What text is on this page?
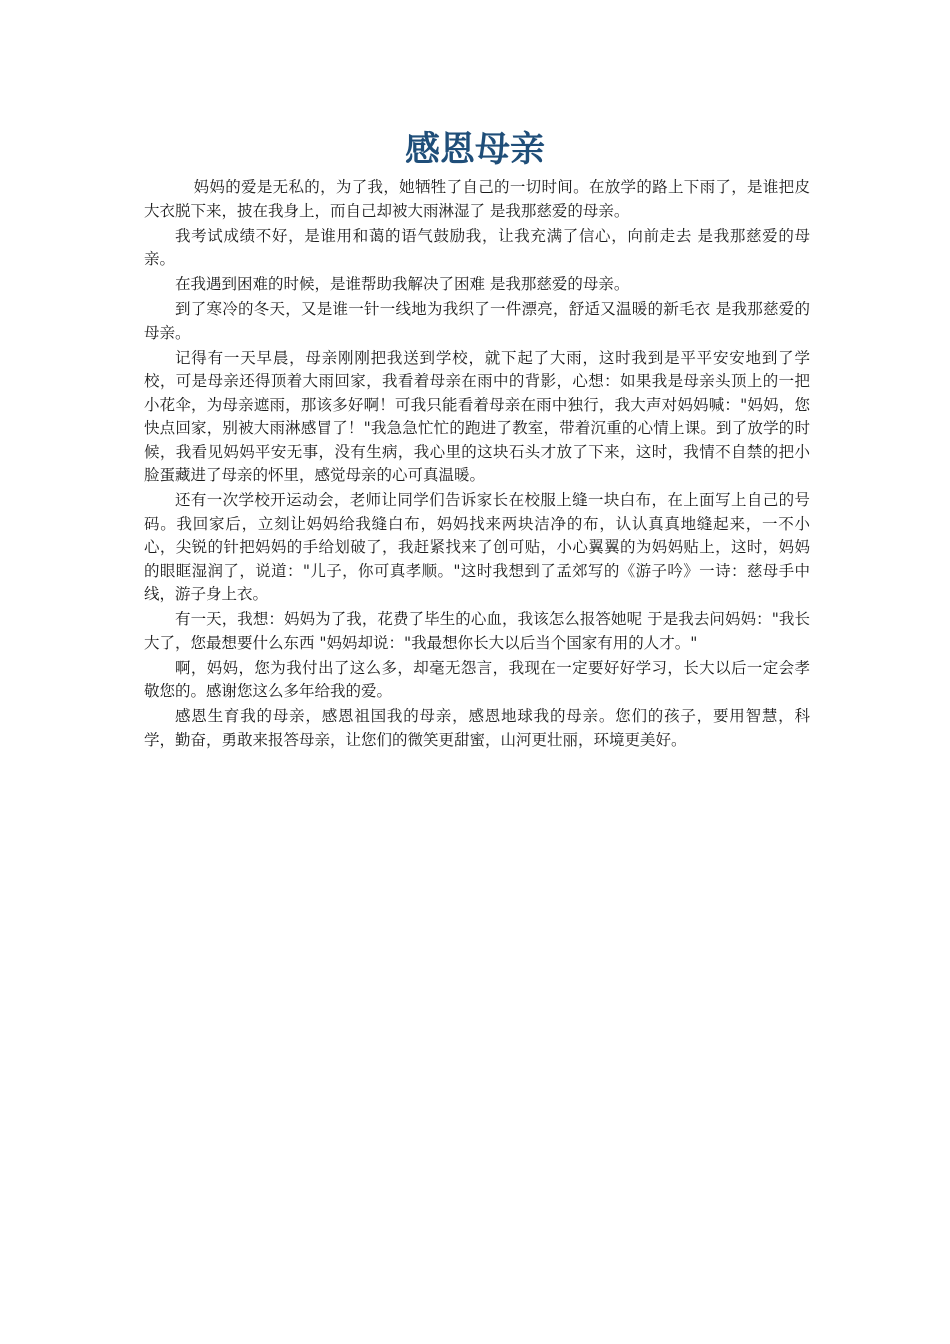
感恩母亲

妈妈的爱是无私的，为了我，她牺牲了自己的一切时间。在放学的路上下雨了，是谁把皮大衣脱下来，披在我身上，而自己却被大雨淋湿了 是我那慈爱的母亲。

我考试成绩不好，是谁用和蔼的语气鼓励我，让我充满了信心，向前走去 是我那慈爱的母亲。

在我遇到困难的时候，是谁帮助我解决了困难 是我那慈爱的母亲。

到了寒冷的冬天，又是谁一针一线地为我织了一件漂亮，舒适又温暖的新毛衣 是我那慈爱的母亲。

记得有一天早晨，母亲刚刚把我送到学校，就下起了大雨，这时我到是平平安安地到了学校，可是母亲还得顶着大雨回家，我看着母亲在雨中的背影，心想：如果我是母亲头顶上的一把小花伞，为母亲遮雨，那该多好啊！可我只能看着母亲在雨中独行，我大声对妈妈喊："妈妈，您快点回家，别被大雨淋感冒了！"我急急忙忙的跑进了教室，带着沉重的心情上课。到了放学的时候，我看见妈妈平安无事，没有生病，我心里的这块石头才放了下来，这时，我情不自禁的把小脸蛋藏进了母亲的怀里，感觉母亲的心可真温暖。

还有一次学校开运动会，老师让同学们告诉家长在校服上缝一块白布，在上面写上自己的号码。我回家后，立刻让妈妈给我缝白布，妈妈找来两块洁净的布，认认真真地缝起来，一不小心，尖锐的针把妈妈的手给划破了，我赶紧找来了创可贴，小心翼翼的为妈妈贴上，这时，妈妈的眼眶湿润了，说道："儿子，你可真孝顺。"这时我想到了孟郊写的《游子吟》一诗：慈母手中线，游子身上衣。

有一天，我想：妈妈为了我，花费了毕生的心血，我该怎么报答她呢 于是我去问妈妈："我长大了，您最想要什么东西 "妈妈却说："我最想你长大以后当个国家有用的人才。"

啊，妈妈，您为我付出了这么多，却毫无怨言，我现在一定要好好学习，长大以后一定会孝敬您的。感谢您这么多年给我的爱。

感恩生育我的母亲，感恩祖国我的母亲，感恩地球我的母亲。您们的孩子，要用智慧，科学，勤奋，勇敢来报答母亲，让您们的微笑更甜蜜，山河更壮丽，环境更美好。
